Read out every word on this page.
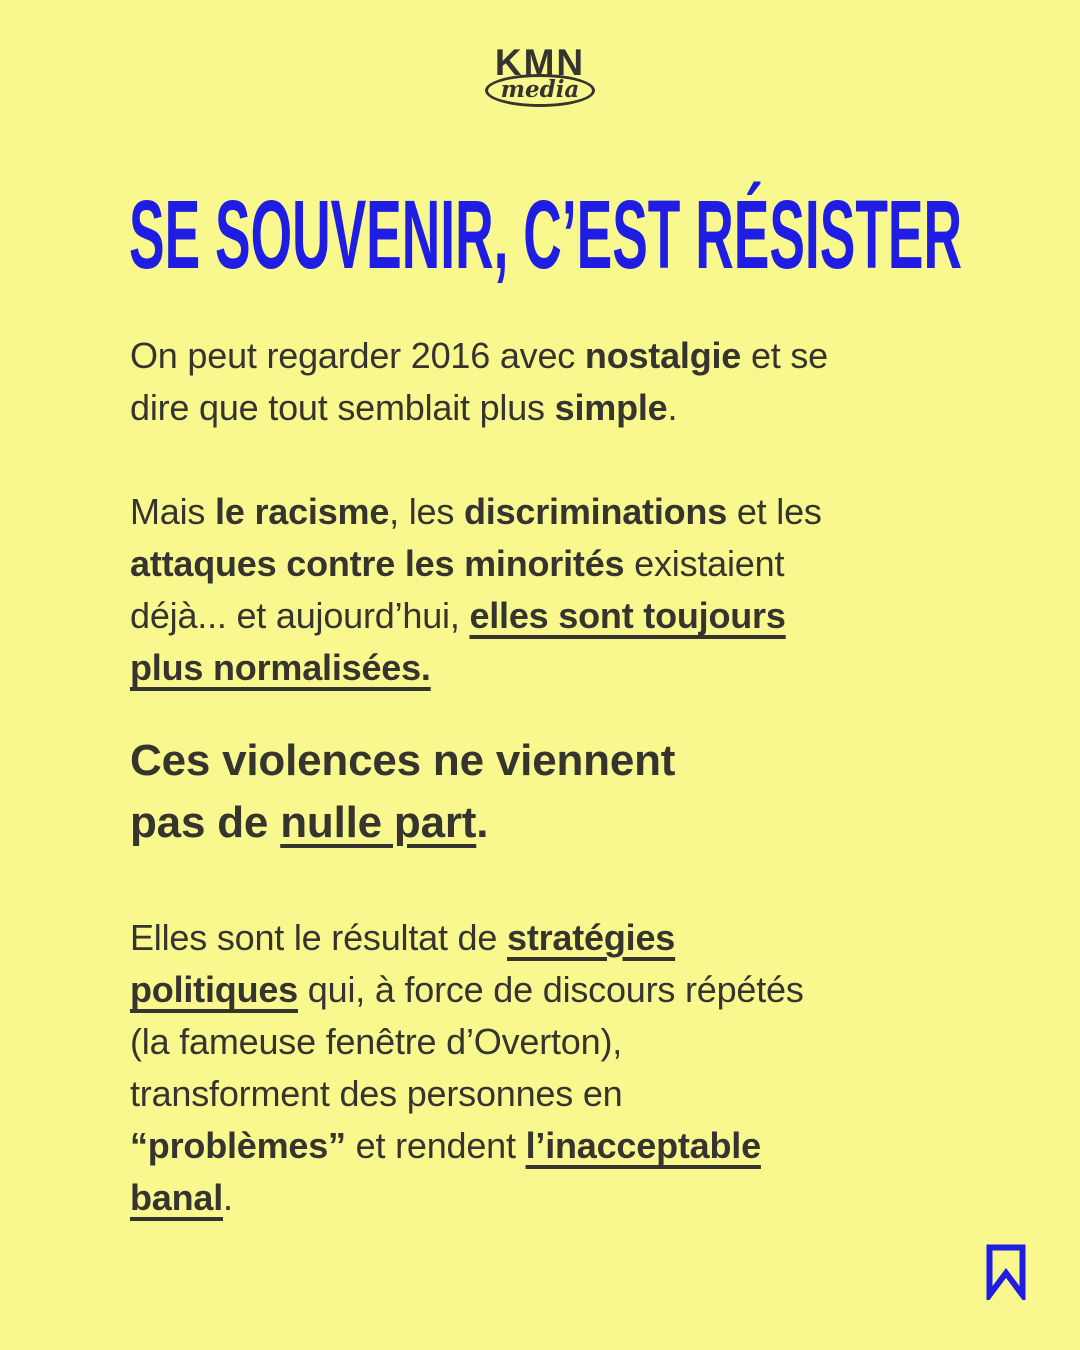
KMN
media
SE SOUVENIR, C’EST RÉSISTER

On peut regarder 2016 avec nostalgie et se
dire que tout semblait plus simple.

Mais le racisme, les discriminations et les
attaques contre les minorités existaient
déjà... et aujourd’hui, elles sont toujours
plus normalisées.

Ces violences ne viennent
pas de nulle part.

Elles sont le résultat de stratégies
politiques qui, à force de discours répétés
(la fameuse fenêtre d’Overton),
transforment des personnes en
“problèmes” et rendent l’inacceptable
banal.
